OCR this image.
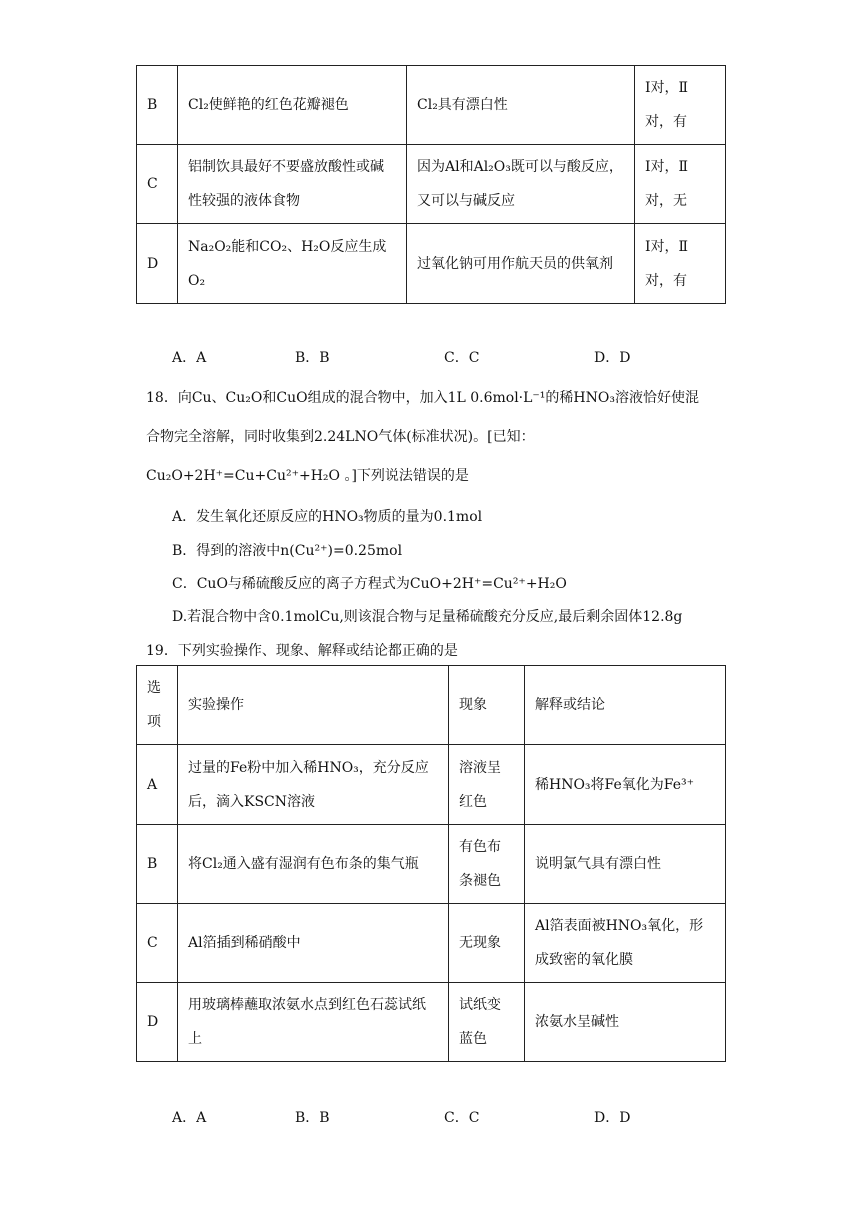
B	Cl₂使鲜艳的红色花瓣褪色	Cl₂具有漂白性	Ⅰ对，Ⅱ对，有
C	铝制饮具最好不要盛放酸性或碱性较强的液体食物	因为Al和Al₂O₃既可以与酸反应，又可以与碱反应	Ⅰ对，Ⅱ对，无
D	Na₂O₂能和CO₂、H₂O反应生成O₂	过氧化钠可用作航天员的供氧剂	Ⅰ对，Ⅱ对，有
A．A	B．B	C．C	D．D
18．向Cu、Cu₂O和CuO组成的混合物中，加入1L 0.6mol·L⁻¹的稀HNO₃溶液恰好使混
合物完全溶解，同时收集到2.24LNO气体(标准状况)。[已知：
Cu₂O+2H⁺=Cu+Cu²⁺+H₂O 。]下列说法错误的是
A．发生氧化还原反应的HNO₃物质的量为0.1mol
B．得到的溶液中n(Cu²⁺)=0.25mol
C．CuO与稀硫酸反应的离子方程式为CuO+2H⁺=Cu²⁺+H₂O
D.若混合物中含0.1molCu,则该混合物与足量稀硫酸充分反应,最后剩余固体12.8g
19．下列实验操作、现象、解释或结论都正确的是
选项	实验操作	现象	解释或结论
A	过量的Fe粉中加入稀HNO₃，充分反应后，滴入KSCN溶液	溶液呈红色	稀HNO₃将Fe氧化为Fe³⁺
B	将Cl₂通入盛有湿润有色布条的集气瓶	有色布条褪色	说明氯气具有漂白性
C	Al箔插到稀硝酸中	无现象	Al箔表面被HNO₃氧化，形成致密的氧化膜
D	用玻璃棒蘸取浓氨水点到红色石蕊试纸上	试纸变蓝色	浓氨水呈碱性
A．A	B．B	C．C	D．D
